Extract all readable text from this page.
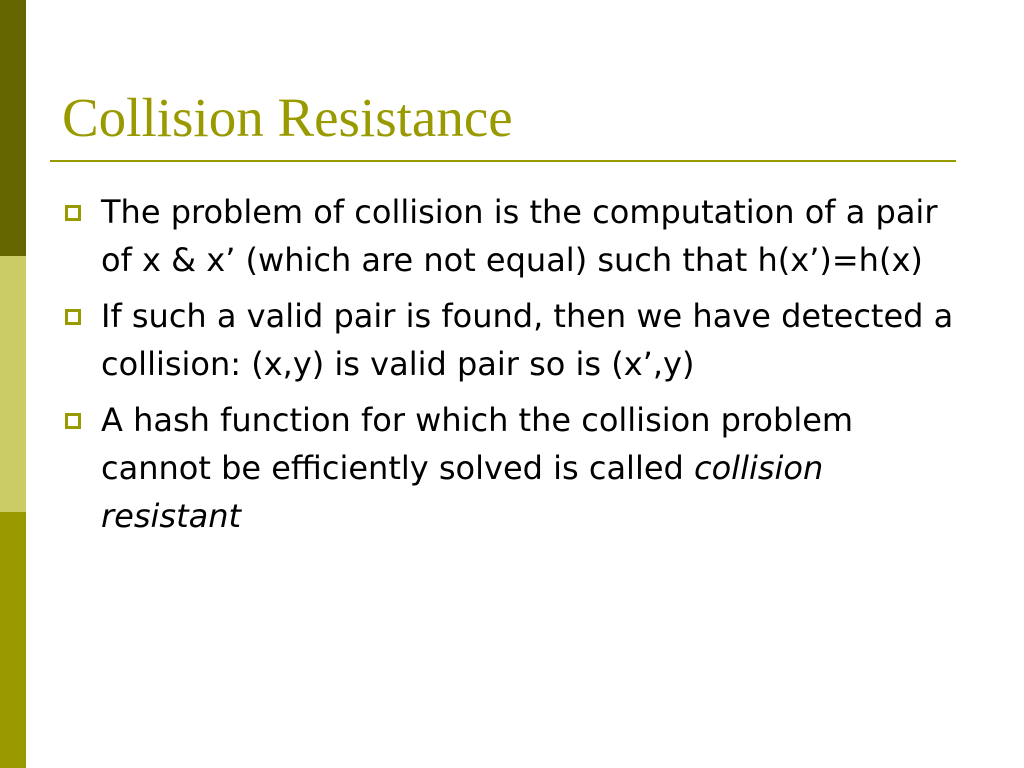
Collision Resistance
The problem of collision is the computation of a pair of x & x’ (which are not equal) such that h(x’)=h(x)
If such a valid pair is found, then we have detected a collision: (x,y) is valid pair so is (x’,y)
A hash function for which the collision problem cannot be efficiently solved is called collision resistant
